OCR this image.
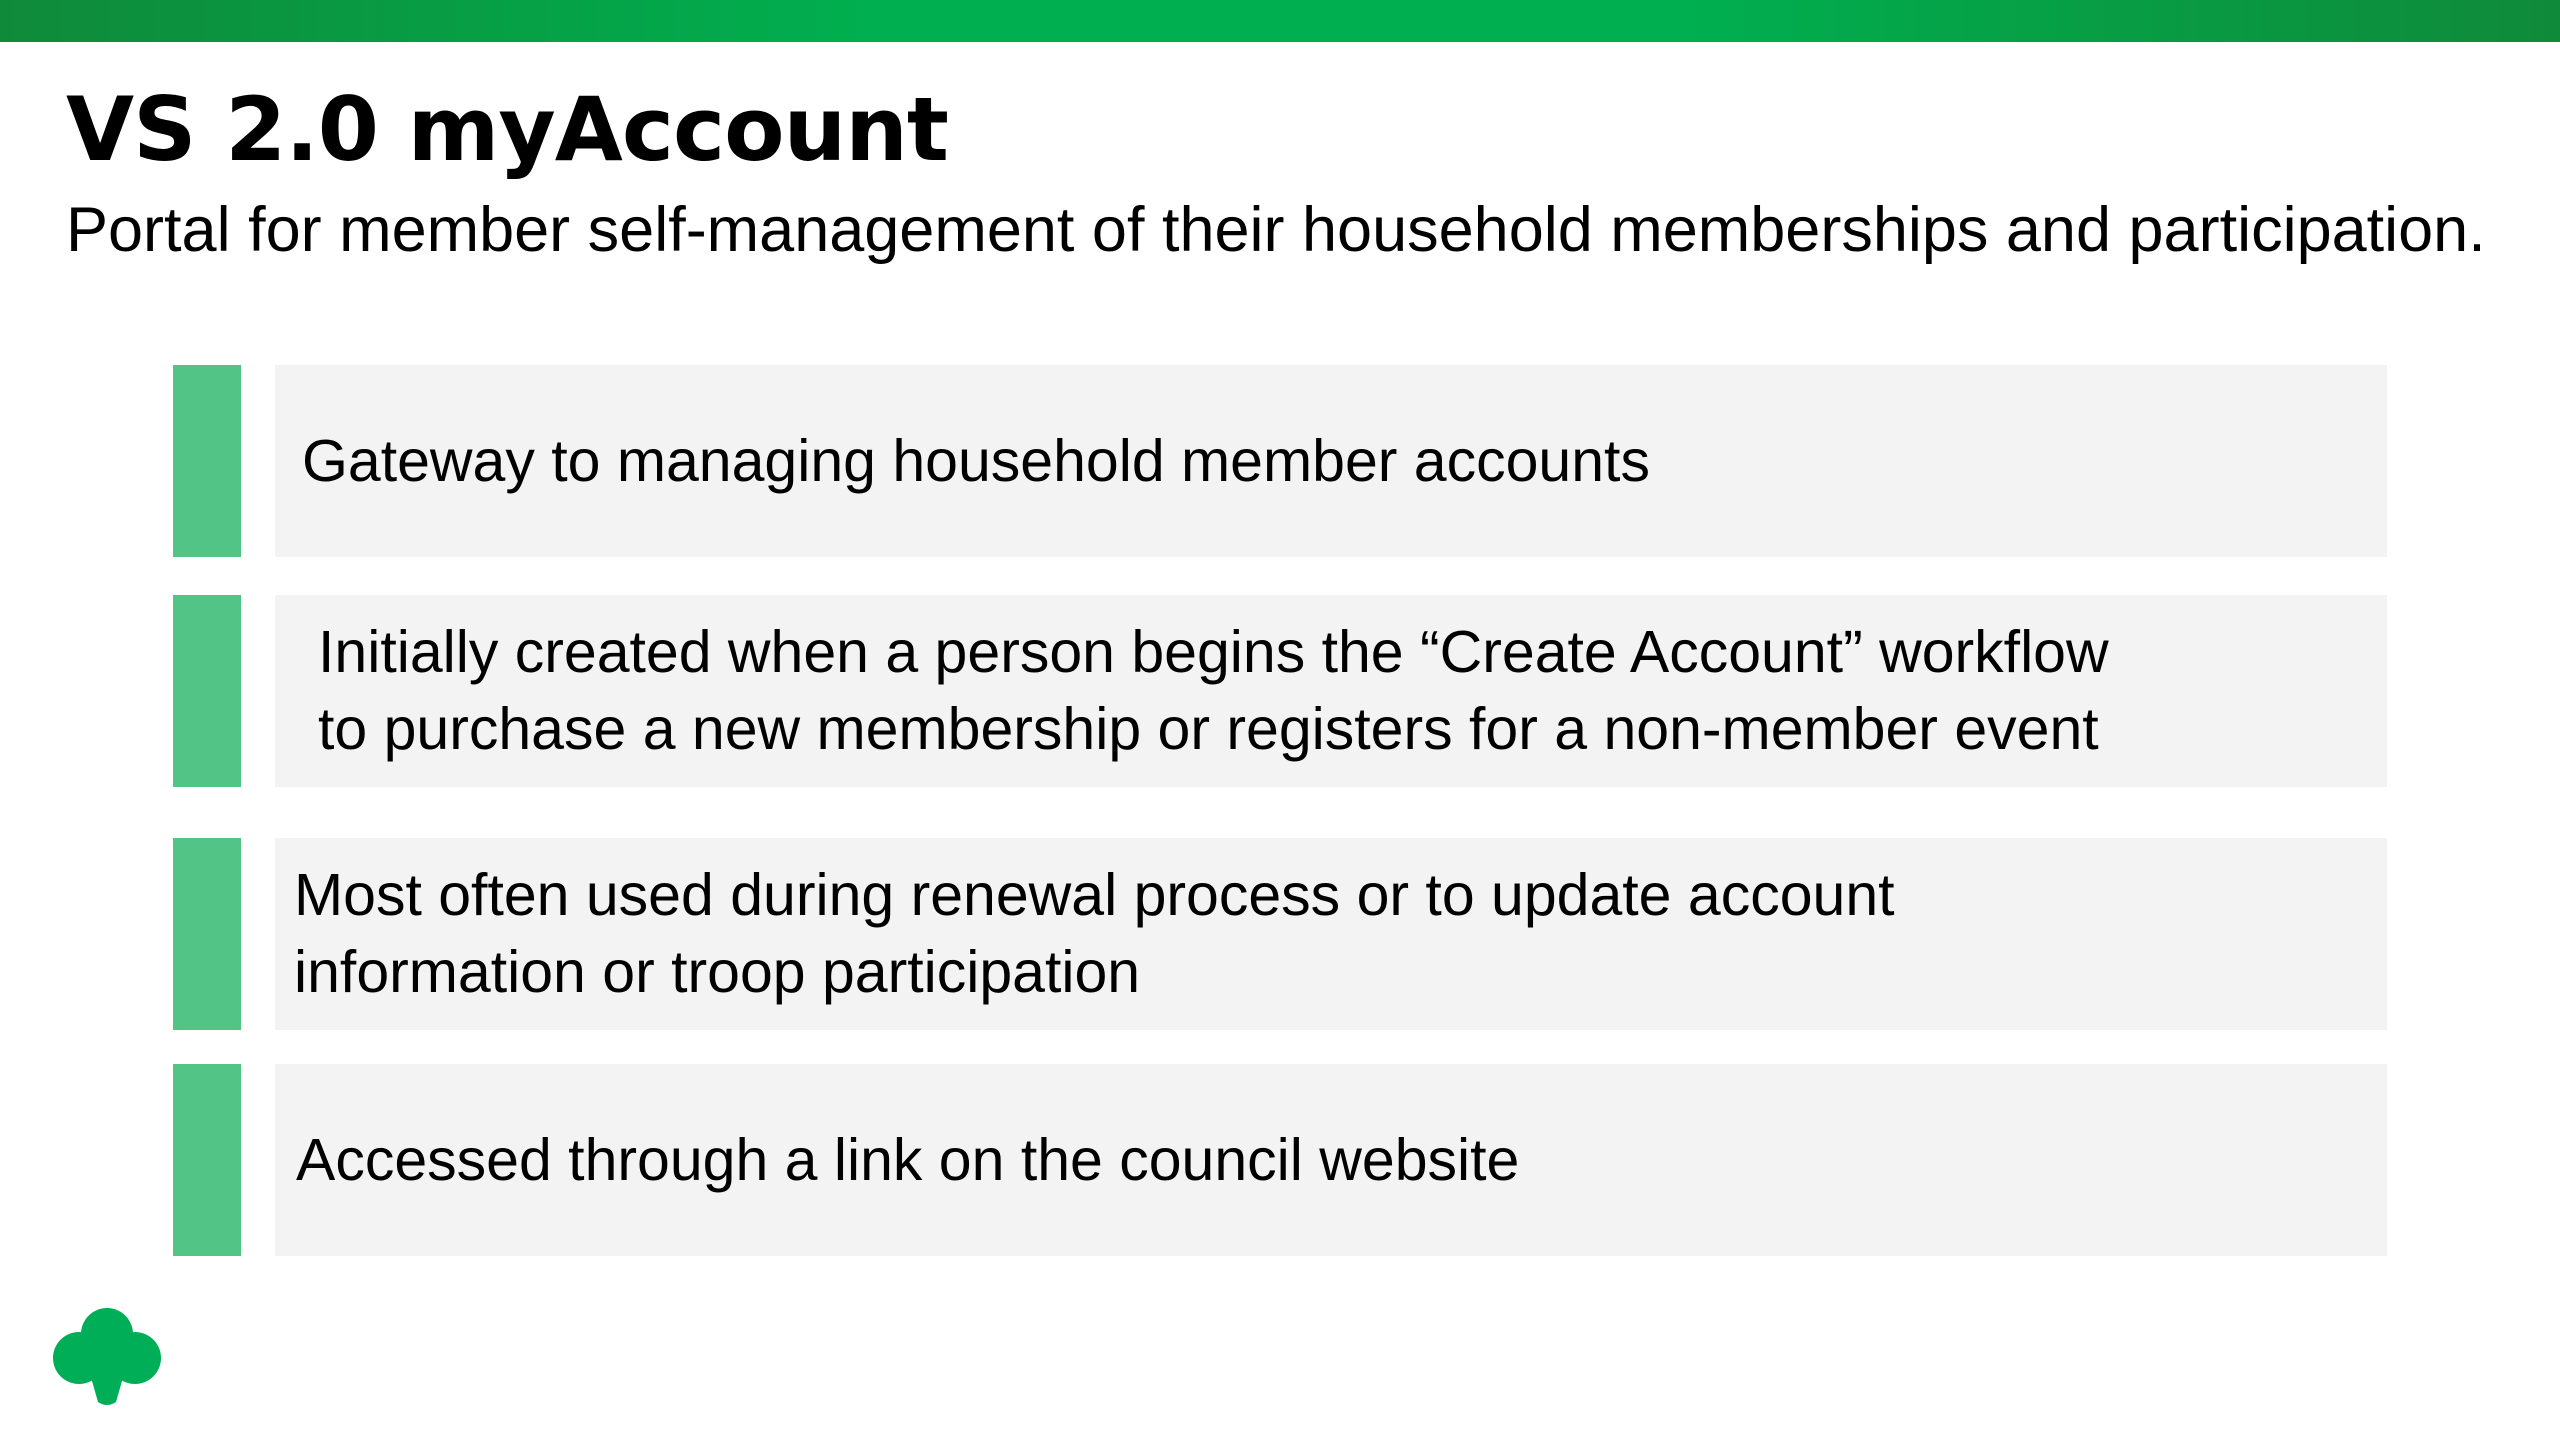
VS 2.0 myAccount

Portal for member self-management of their household memberships and participation.

Gateway to managing household member accounts
Initially created when a person begins the “Create Account” workflow
to purchase a new membership or registers for a non-member event
Most often used during renewal process or to update account
information or troop participation
Accessed through a link on the council website
